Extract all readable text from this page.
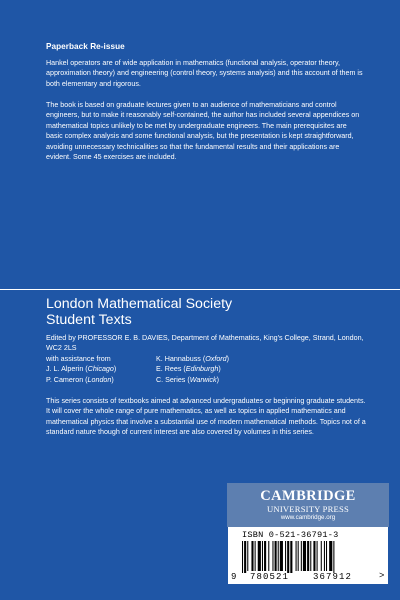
Paperback Re-issue

Hankel operators are of wide application in mathematics (functional analysis, operator theory, approximation theory) and engineering (control theory, systems analysis) and this account of them is both elementary and rigorous.

The book is based on graduate lectures given to an audience of mathematicians and control engineers, but to make it reasonably self-contained, the author has included several appendices on mathematical topics unlikely to be met by undergraduate engineers. The main prerequisites are basic complex analysis and some functional analysis, but the presentation is kept straightforward, avoiding unnecessary technicalities so that the fundamental results and their applications are evident. Some 45 exercises are included.

London Mathematical Society
Student Texts
Edited by PROFESSOR E. B. DAVIES, Department of Mathematics, King's College, Strand, London, WC2 2LS
with assistance from	K. Hannabuss (Oxford)
J. L. Alperin (Chicago)	E. Rees (Edinburgh)
P. Cameron (London)	C. Series (Warwick)

This series consists of textbooks aimed at advanced undergraduates or beginning graduate students. It will cover the whole range of pure mathematics, as well as topics in applied mathematics and mathematical physics that involve a substantial use of modern mathematical methods. Topics not of a standard nature though of current interest are also covered by volumes in this series.

CAMBRIDGE
UNIVERSITY PRESS
www.cambridge.org
ISBN 0-521-36791-3
9 780521	367912	>
